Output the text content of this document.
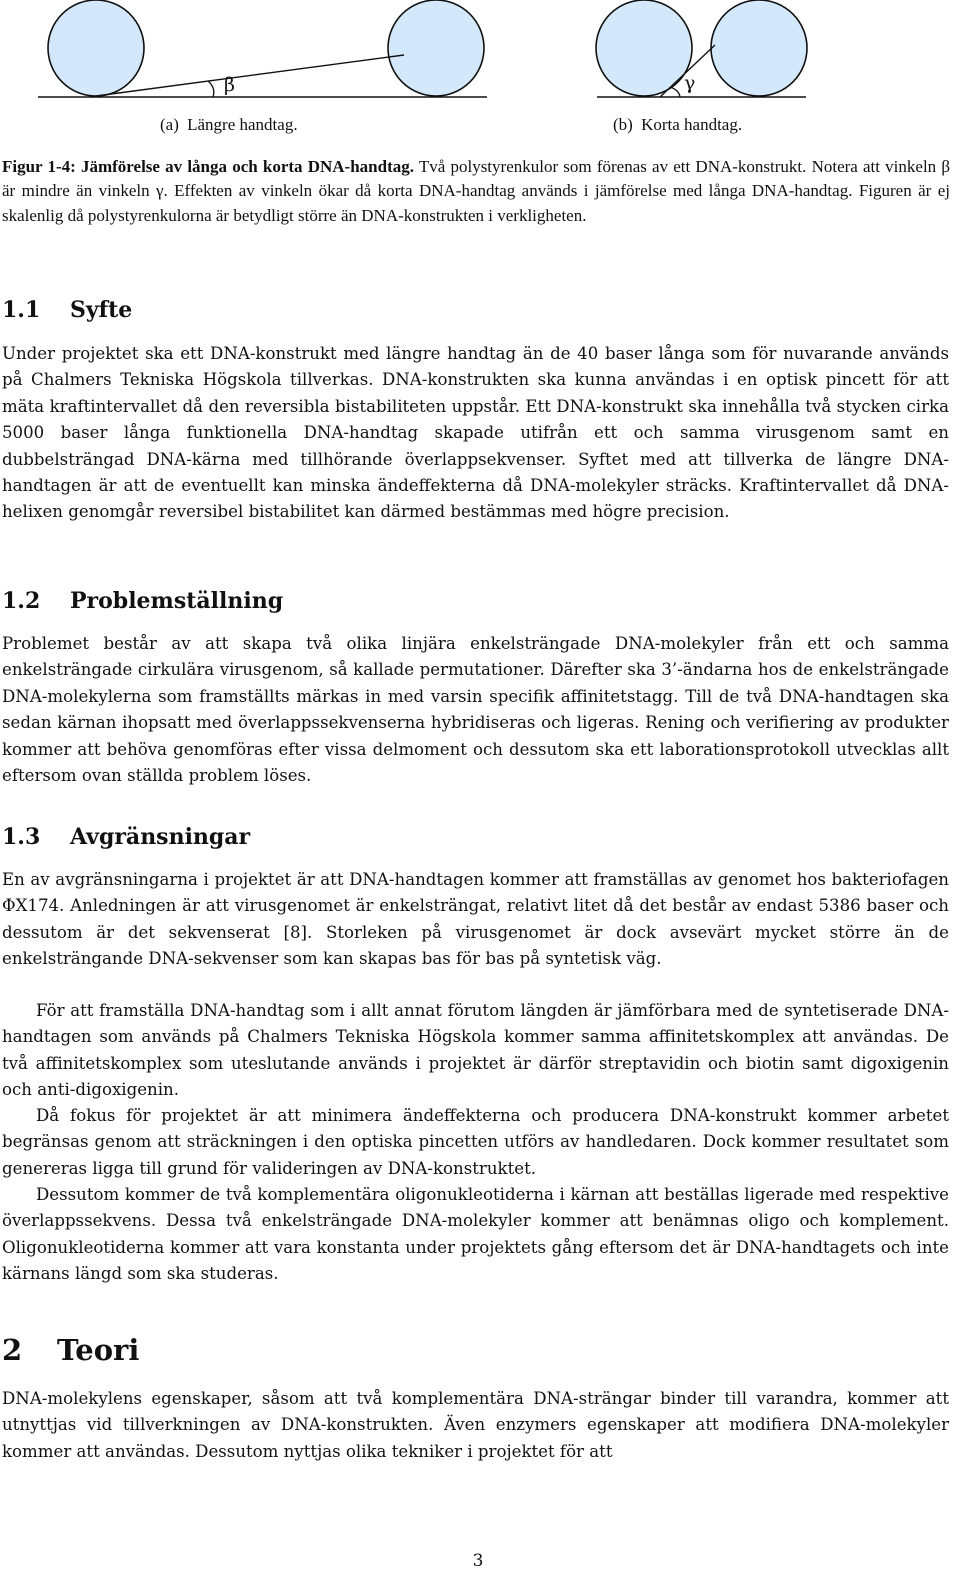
β	γ
(a) Längre handtag.	(b) Korta handtag.
Figur 1-4: Jämförelse av långa och korta DNA-handtag. Två polystyrenkulor som förenas av ett DNA-konstrukt. Notera att vinkeln β är mindre än vinkeln γ. Effekten av vinkeln ökar då korta DNA-handtag används i jämförelse med långa DNA-handtag. Figuren är ej skalenlig då polystyrenkulorna är betydligt större än DNA-konstrukten i verkligheten.
1.1 Syfte

Under projektet ska ett DNA-konstrukt med längre handtag än de 40 baser långa som för nuvarande används på Chalmers Tekniska Högskola tillverkas. DNA-konstrukten ska kunna användas i en optisk pincett för att mäta kraftintervallet då den reversibla bistabiliteten uppstår. Ett DNA-konstrukt ska innehålla två stycken cirka 5000 baser långa funktionella DNA-handtag skapade utifrån ett och samma virusgenom samt en dubbelsträngad DNA-kärna med tillhörande överlappsekvenser. Syftet med att tillverka de längre DNA-handtagen är att de eventuellt kan minska ändeffekterna då DNA-molekyler sträcks. Kraftintervallet då DNA-helixen genomgår reversibel bistabilitet kan därmed bestämmas med högre precision.

1.2 Problemställning

Problemet består av att skapa två olika linjära enkelsträngade DNA-molekyler från ett och samma enkelsträngade cirkulära virusgenom, så kallade permutationer. Därefter ska 3’-ändarna hos de enkelsträngade DNA-molekylerna som framställts märkas in med varsin specifik affinitetstagg. Till de två DNA-handtagen ska sedan kärnan ihopsatt med överlappssekvenserna hybridiseras och ligeras. Rening och verifiering av produkter kommer att behöva genomföras efter vissa delmoment och dessutom ska ett laborationsprotokoll utvecklas allt eftersom ovan ställda problem löses.

1.3 Avgränsningar

En av avgränsningarna i projektet är att DNA-handtagen kommer att framställas av genomet hos bakteriofagen ΦX174. Anledningen är att virusgenomet är enkelsträngat, relativt litet då det består av endast 5386 baser och dessutom är det sekvenserat [8]. Storleken på virusgenomet är dock avsevärt mycket större än de enkelsträngande DNA-sekvenser som kan skapas bas för bas på syntetisk väg.

För att framställa DNA-handtag som i allt annat förutom längden är jämförbara med de syntetiserade DNA-handtagen som används på Chalmers Tekniska Högskola kommer samma affinitetskomplex att användas. De två affinitetskomplex som uteslutande används i projektet är därför streptavidin och biotin samt digoxigenin och anti-digoxigenin.

Då fokus för projektet är att minimera ändeffekterna och producera DNA-konstrukt kommer arbetet begränsas genom att sträckningen i den optiska pincetten utförs av handledaren. Dock kommer resultatet som genereras ligga till grund för valideringen av DNA-konstruktet.

Dessutom kommer de två komplementära oligonukleotiderna i kärnan att beställas ligerade med respektive överlappssekvens. Dessa två enkelsträngade DNA-molekyler kommer att benämnas oligo och komplement. Oligonukleotiderna kommer att vara konstanta under projektets gång eftersom det är DNA-handtagets och inte kärnans längd som ska studeras.

2 Teori

DNA-molekylens egenskaper, såsom att två komplementära DNA-strängar binder till varandra, kommer att utnyttjas vid tillverkningen av DNA-konstrukten. Även enzymers egenskaper att modifiera DNA-molekyler kommer att användas. Dessutom nyttjas olika tekniker i projektet för att

3
